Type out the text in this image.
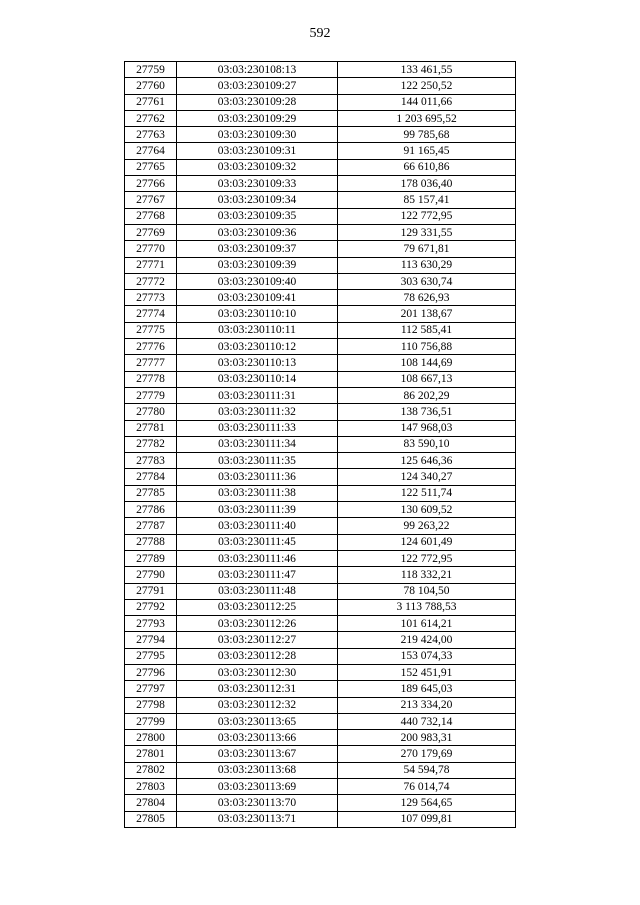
592
27759	03:03:230108:13	133 461,55
27760	03:03:230109:27	122 250,52
27761	03:03:230109:28	144 011,66
27762	03:03:230109:29	1 203 695,52
27763	03:03:230109:30	99 785,68
27764	03:03:230109:31	91 165,45
27765	03:03:230109:32	66 610,86
27766	03:03:230109:33	178 036,40
27767	03:03:230109:34	85 157,41
27768	03:03:230109:35	122 772,95
27769	03:03:230109:36	129 331,55
27770	03:03:230109:37	79 671,81
27771	03:03:230109:39	113 630,29
27772	03:03:230109:40	303 630,74
27773	03:03:230109:41	78 626,93
27774	03:03:230110:10	201 138,67
27775	03:03:230110:11	112 585,41
27776	03:03:230110:12	110 756,88
27777	03:03:230110:13	108 144,69
27778	03:03:230110:14	108 667,13
27779	03:03:230111:31	86 202,29
27780	03:03:230111:32	138 736,51
27781	03:03:230111:33	147 968,03
27782	03:03:230111:34	83 590,10
27783	03:03:230111:35	125 646,36
27784	03:03:230111:36	124 340,27
27785	03:03:230111:38	122 511,74
27786	03:03:230111:39	130 609,52
27787	03:03:230111:40	99 263,22
27788	03:03:230111:45	124 601,49
27789	03:03:230111:46	122 772,95
27790	03:03:230111:47	118 332,21
27791	03:03:230111:48	78 104,50
27792	03:03:230112:25	3 113 788,53
27793	03:03:230112:26	101 614,21
27794	03:03:230112:27	219 424,00
27795	03:03:230112:28	153 074,33
27796	03:03:230112:30	152 451,91
27797	03:03:230112:31	189 645,03
27798	03:03:230112:32	213 334,20
27799	03:03:230113:65	440 732,14
27800	03:03:230113:66	200 983,31
27801	03:03:230113:67	270 179,69
27802	03:03:230113:68	54 594,78
27803	03:03:230113:69	76 014,74
27804	03:03:230113:70	129 564,65
27805	03:03:230113:71	107 099,81
